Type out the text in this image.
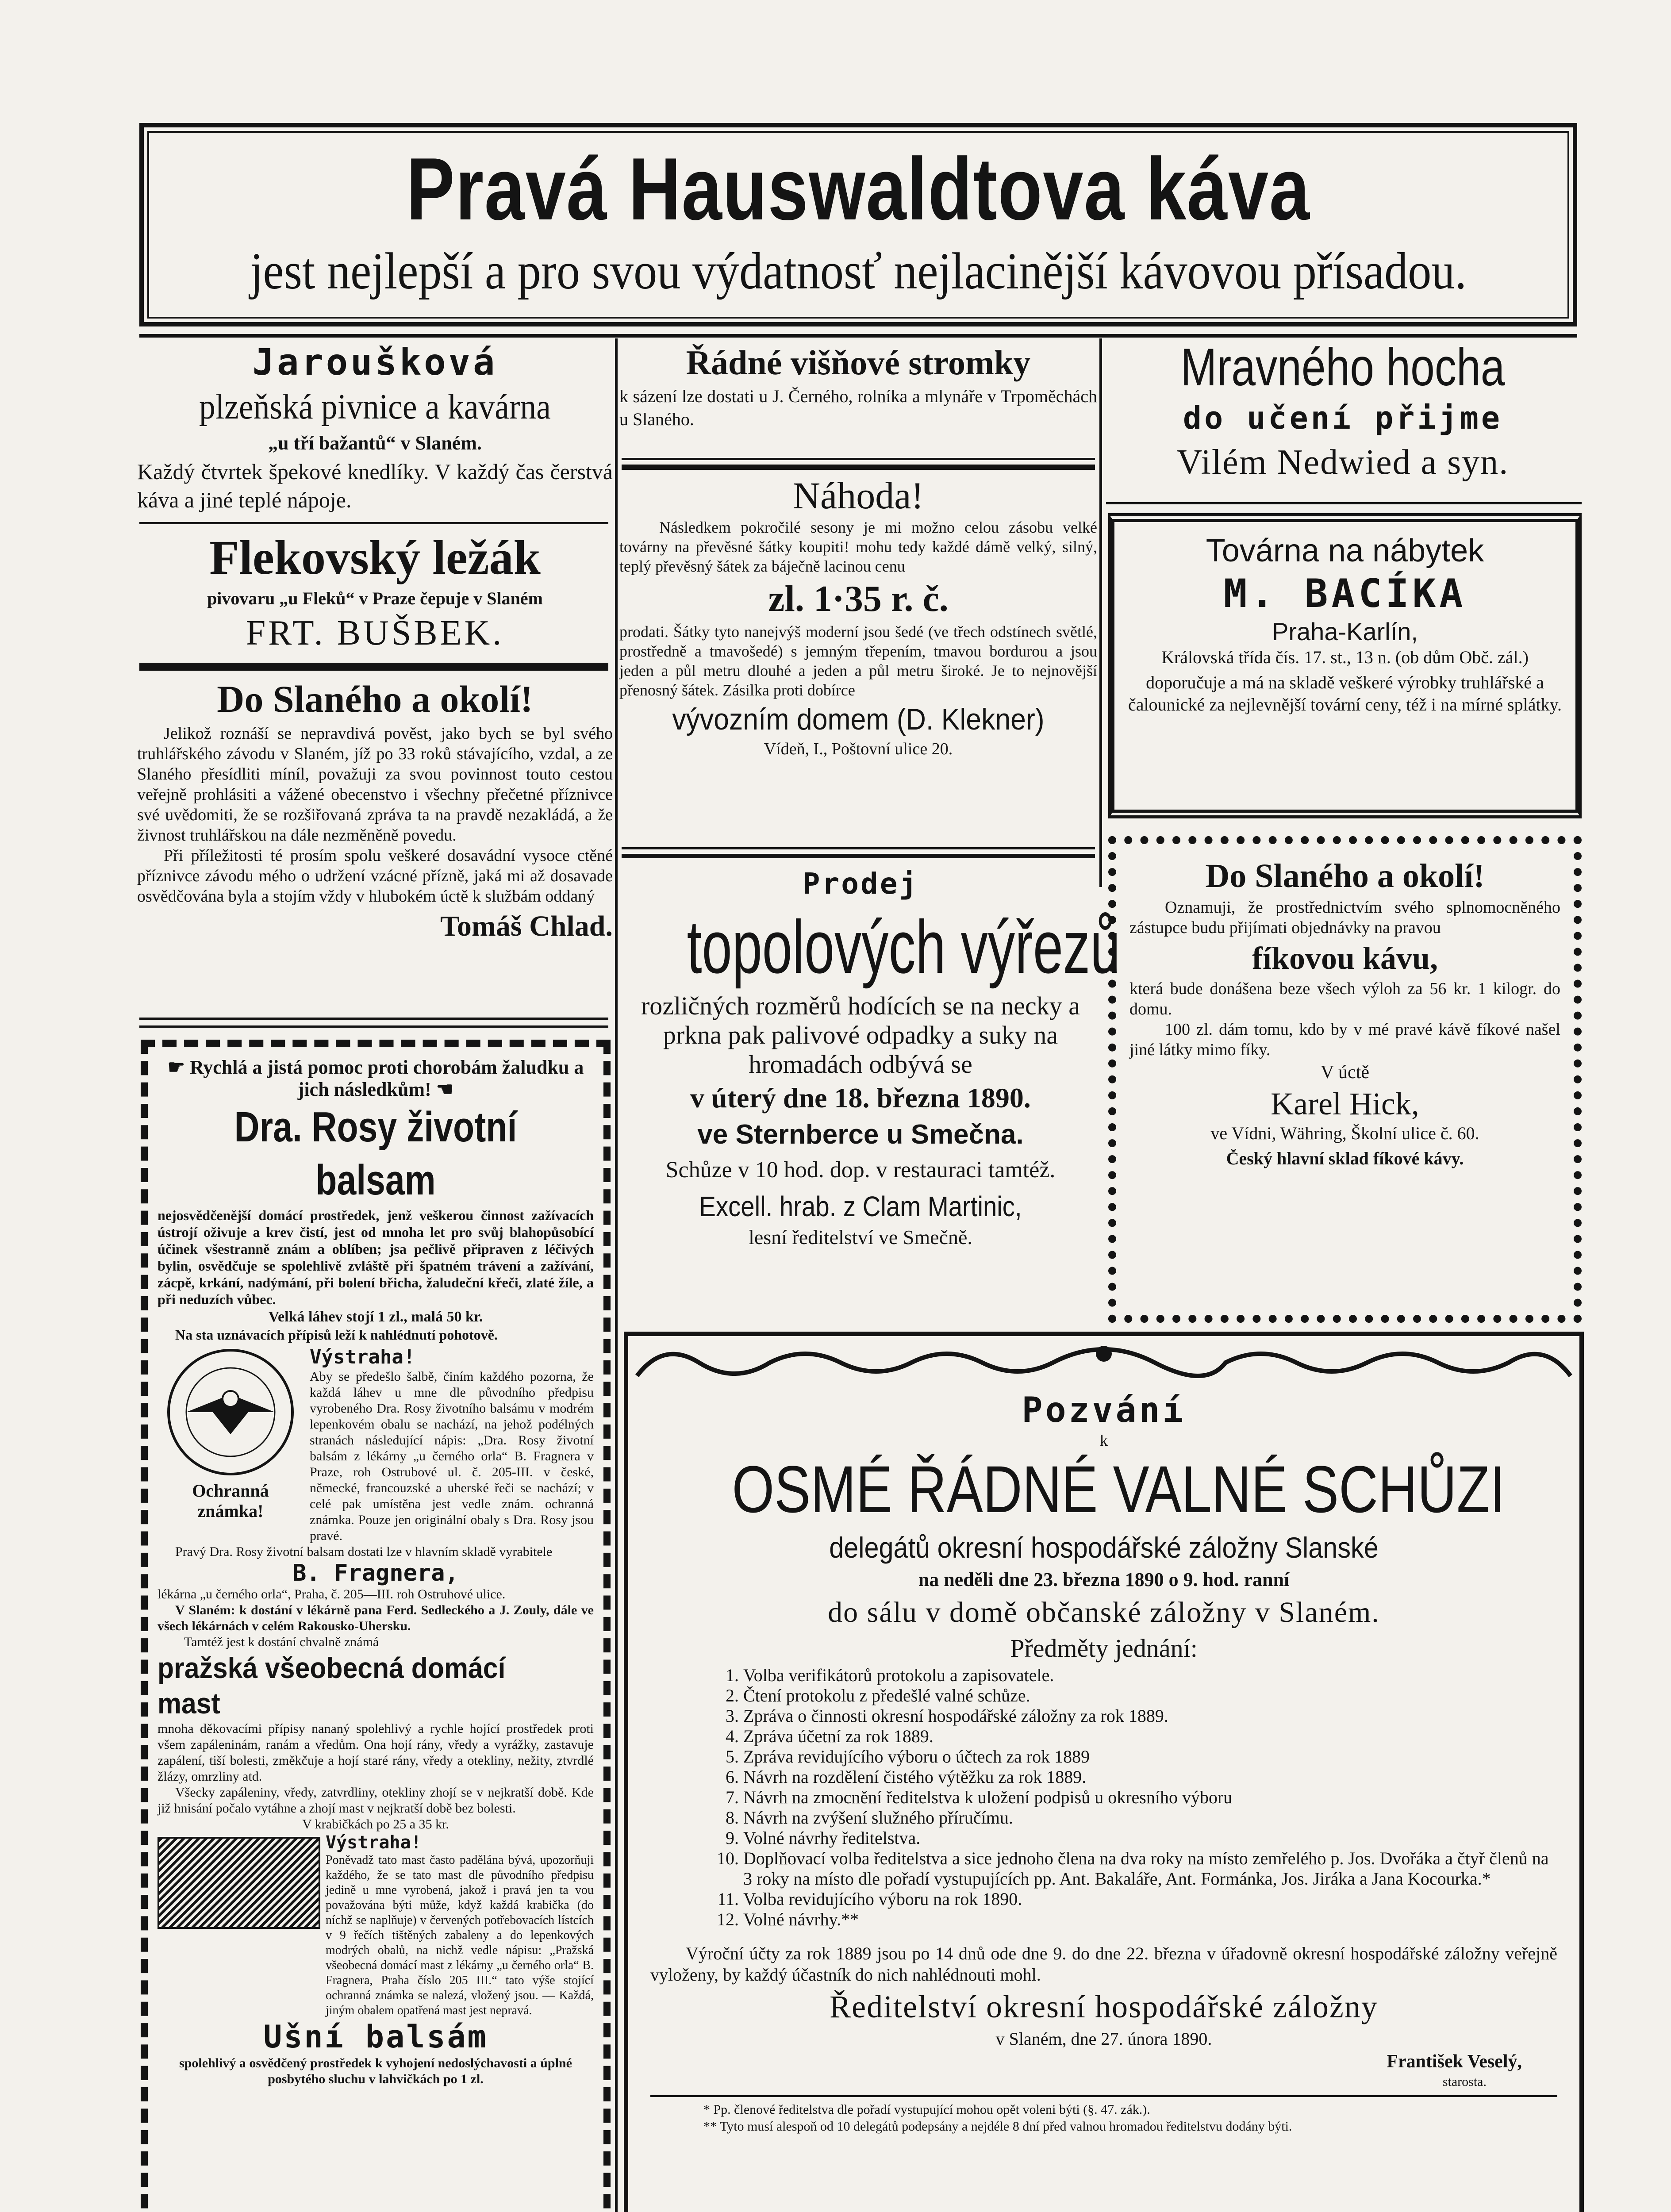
Pravá Hauswaldtova káva
jest nejlepší a pro svou výdatnosť nejlacinější kávovou přísadou.
Jaroušková
plzeňská pivnice a kavárna
„u tří bažantů“ v Slaném.
Každý čtvrtek špekové knedlíky. V každý čas čerstvá káva a jiné teplé nápoje.
Flekovský ležák
pivovaru „u Fleků“ v Praze čepuje v Slaném
FRT. BUŠBEK.
Do Slaného a okolí!

Jelikož roznáší se nepravdivá pověst, jako bych se byl svého truhlářského závodu v Slaném, jíž po 33 roků stávajícího, vzdal, a ze Slaného přesídliti míníl, považuji za svou povinnost touto cestou veřejně prohlásiti a vážené obecenstvo i všechny přečetné příznivce své uvědomiti, že se rozšiřovaná zpráva ta na pravdě nezakládá, a že živnost truhlářskou na dále nezměněně povedu.

Při příležitosti té prosím spolu veškeré dosavádní vysoce ctěné příznivce závodu mého o udržení vzácné přízně, jaká mi až dosavade osvědčována byla a stojím vždy v hlubokém úctě k službám oddaný

Tomáš Chlad.
☛ Rychlá a jistá pomoc proti chorobám žaludku a jich následkům! ☚
Dra. Rosy životní balsam

nejosvědčenější domácí prostředek, jenž veškerou činnost zažívacích ústrojí oživuje a krev čistí, jest od mnoha let pro svůj blahopůsobící účinek všestranně znám a oblíben; jsa pečlivě připraven z léčivých bylin, osvědčuje se spolehlivě zvláště při špatném trávení a zažívání, zácpě, krkání, nadýmání, při bolení břicha, žaludeční křeči, zlaté žíle, a při neduzích vůbec.

Velká láhev stojí 1 zl., malá 50 kr.
Na sta uznávacích přípisů leží k nahlédnutí pohotově.
Ochranná známka!
Výstraha!

Aby se předešlo šalbě, činím každého pozorna, že každá láhev u mne dle původního předpisu vyrobeného Dra. Rosy životního balsámu v modrém lepenkovém obalu se nachází, na jehož podélných stranách následující nápis: „Dra. Rosy životní balsám z lékárny „u černého orla“ B. Fragnera v Praze, roh Ostrubové ul. č. 205-III. v české, německé, francouzské a uherské řeči se nachází; v celé pak umístěna jest vedle znám. ochranná známka. Pouze jen originální obaly s Dra. Rosy jsou pravé.

Pravý Dra. Rosy životní balsam dostati lze v hlavním skladě vyrabitele

B. Fragnera,

lékárna „u černého orla“, Praha, č. 205—III. roh Ostruhové ulice.

V Slaném: k dostání v lékárně pana Ferd. Sedleckého a J. Zouly, dále ve všech lékárnách v celém Rakousko-Uhersku.

Tamtéž jest k dostání chvalně známá
pražská všeobecná domácí mast

mnoha děkovacími přípisy nananý spolehlivý a rychle hojící prostředek proti všem zapáleninám, ranám a vředům. Ona hojí rány, vředy a vyrážky, zastavuje zapálení, tiší bolesti, změkčuje a hojí staré rány, vředy a otekliny, nežity, ztvrdlé žlázy, omrzliny atd.

Všecky zapáleniny, vředy, zatvrdliny, otekliny zhojí se v nejkratší době. Kde již hnisání počalo vytáhne a zhojí mast v nejkratší době bez bolesti.

V krabičkách po 25 a 35 kr.
Výstraha!

Poněvadž tato mast často padělána bývá, upozorňuji každého, že se tato mast dle původního předpisu jedině u mne vyrobená, jakož i pravá jen ta vou považována býti může, když každá krabička (do níchž se naplňuje) v červených potřebovacích lístcích v 9 řečích tištěných zabaleny a do lepenkových modrých obalů, na nichž vedle nápisu: „Pražská všeobecná domácí mast z lékárny „u černého orla“ B. Fragnera, Praha číslo 205 III.“ tato výše stojící ochranná známka se nalezá, vložený jsou. — Každá, jiným obalem opatřená mast jest nepravá.

Ušní balsám

spolehlivý a osvědčený prostředek k vyhojení nedoslýchavosti a úplné posbytého sluchu v lahvičkách po 1 zl.

Řádné višňové stromky

k sázení lze dostati u J. Černého, rolníka a mlynáře v Trpoměchách u Slaného.

Náhoda!

Následkem pokročilé sesony je mi možno celou zásobu velké továrny na převěsné šátky koupiti! mohu tedy každé dámě velký, silný, teplý převěsný šátek za báječně lacinou cenu

zl. 1·35 r. č.

prodati. Šátky tyto nanejvýš moderní jsou šedé (ve třech odstínech světlé, prostředně a tmavošedé) s jemným třepením, tmavou bordurou a jsou jeden a půl metru dlouhé a jeden a půl metru široké. Je to nejnovější přenosný šátek. Zásilka proti dobírce

vývozním domem (D. Klekner)
Vídeň, I., Poštovní ulice 20.
Prodej
topolových výřezů

rozličných rozměrů hodících se na necky a prkna pak palivové odpadky a suky na hromadách odbývá se

v úterý dne 18. března 1890.
ve Sternberce u Smečna.
Schůze v 10 hod. dop. v restauraci tamtéž.
Excell. hrab. z Clam Martinic,
lesní ředitelství ve Smečně.
Mravného hocha
do učení přijme
Vilém Nedwied a syn.
Továrna na nábytek
M. BACÍKA
Praha-Karlín,
Královská třída čís. 17. st., 13 n. (ob dům Obč. zál.)

doporučuje a má na skladě veškeré výrobky truhlářské a čalounické za nejlevnější tovární ceny, též i na mírné splátky.

Do Slaného a okolí!

Oznamuji, že prostřednictvím svého splnomocněného zástupce budu přijímati objednávky na pravou

fíkovou kávu,

která bude donášena beze všech výloh za 56 kr. 1 kilogr. do domu.

100 zl. dám tomu, kdo by v mé pravé kávě fíkové našel jiné látky mimo fíky.

V úctě
Karel Hick,
ve Vídni, Währing, Školní ulice č. 60.
Český hlavní sklad fíkové kávy.
Pozvání
k
OSMÉ ŘÁDNÉ VALNÉ SCHŮZI
delegátů okresní hospodářské záložny Slanské
na neděli dne 23. března 1890 o 9. hod. ranní
do sálu v domě občanské záložny v Slaném.
Předměty jednání:
1. Volba verifikátorů protokolu a zapisovatele.
2. Čtení protokolu z předešlé valné schůze.
3. Zpráva o činnosti okresní hospodářské záložny za rok 1889.
4. Zpráva účetní za rok 1889.
5. Zpráva revidujícího výboru o účtech za rok 1889
6. Návrh na rozdělení čistého výtěžku za rok 1889.
7. Návrh na zmocnění ředitelstva k uložení podpisů u okresního výboru
8. Návrh na zvýšení služného příručímu.
9. Volné návrhy ředitelstva.
10. Doplňovací volba ředitelstva a sice jednoho člena na dva roky na místo zemřelého p. Jos. Dvořáka a čtyř členů na 3 roky na místo dle pořadí vystupujících pp. Ant. Bakaláře, Ant. Formánka, Jos. Jiráka a Jana Kocourka.*
11. Volba revidujícího výboru na rok 1890.
12. Volné návrhy.**

Výroční účty za rok 1889 jsou po 14 dnů ode dne 9. do dne 22. března v úřadovně okresní hospodářské záložny veřejně vyloženy, by každý účastník do nich nahlédnouti mohl.

Ředitelství okresní hospodářské záložny
v Slaném, dne 27. února 1890.
František Veselý,
starosta.
* Pp. členové ředitelstva dle pořadí vystupující mohou opět voleni býti (§. 47. zák.).
** Tyto musí alespoň od 10 delegátů podepsány a nejdéle 8 dní před valnou hromadou ředitelstvu dodány býti.
